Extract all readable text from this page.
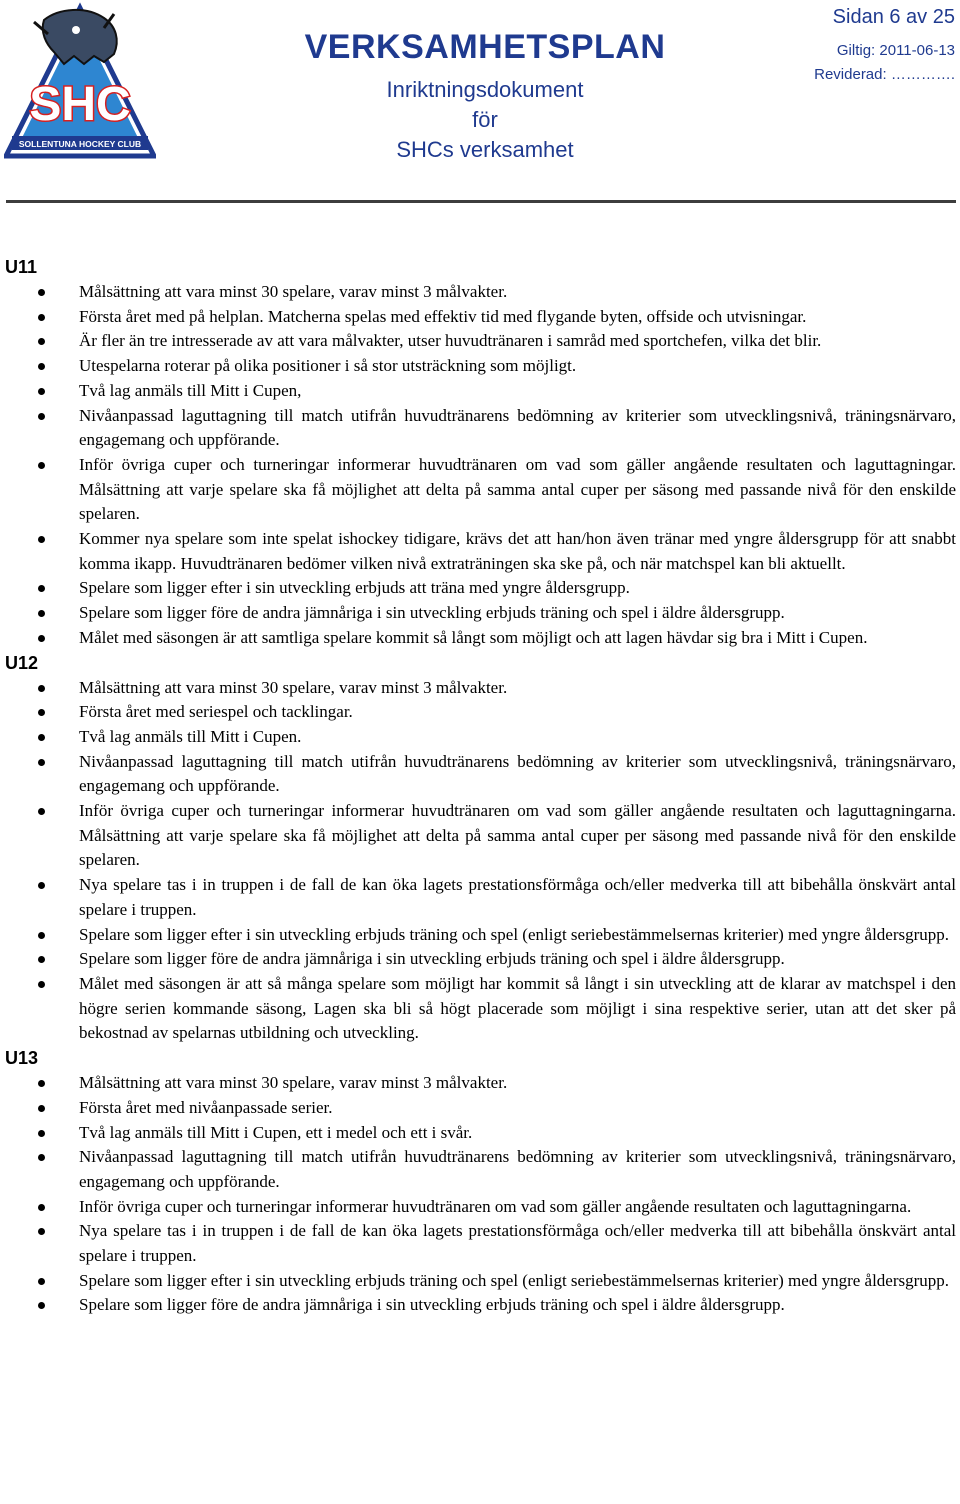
SHC
SOLLENTUNA HOCKEY CLUB
VERKSAMHETSPLAN
Inriktningsdokument
för
SHCs verksamhet
Sidan 6 av 25
Giltig: 2011-06-13
Reviderad: ………….
U11
Målsättning att vara minst 30 spelare, varav minst 3 målvakter.
Första året med på helplan. Matcherna spelas med effektiv tid med flygande byten, offside och utvisningar.
Är fler än tre intresserade av att vara målvakter, utser huvudtränaren i samråd med sportchefen, vilka det blir.
Utespelarna roterar på olika positioner i så stor utsträckning som möjligt.
Två lag anmäls till Mitt i Cupen,
Nivåanpassad laguttagning till match utifrån huvudtränarens bedömning av kriterier som utvecklingsnivå, träningsnärvaro, engagemang och uppförande.
Inför övriga cuper och turneringar informerar huvudtränaren om vad som gäller angående resultaten och laguttagningar. Målsättning att varje spelare ska få möjlighet att delta på samma antal cuper per säsong med passande nivå för den enskilde spelaren.
Kommer nya spelare som inte spelat ishockey tidigare, krävs det att han/hon även tränar med yngre åldersgrupp för att snabbt komma ikapp. Huvudtränaren bedömer vilken nivå extraträningen ska ske på, och när matchspel kan bli aktuellt.
Spelare som ligger efter i sin utveckling erbjuds att träna med yngre åldersgrupp.
Spelare som ligger före de andra jämnåriga i sin utveckling erbjuds träning och spel i äldre åldersgrupp.
Målet med säsongen är att samtliga spelare kommit så långt som möjligt och att lagen hävdar sig bra i Mitt i Cupen.
U12
Målsättning att vara minst 30 spelare, varav minst 3 målvakter.
Första året med seriespel och tacklingar.
Två lag anmäls till Mitt i Cupen.
Nivåanpassad laguttagning till match utifrån huvudtränarens bedömning av kriterier som utvecklingsnivå, träningsnärvaro, engagemang och uppförande.
Inför övriga cuper och turneringar informerar huvudtränaren om vad som gäller angående resultaten och laguttagningarna. Målsättning att varje spelare ska få möjlighet att delta på samma antal cuper per säsong med passande nivå för den enskilde spelaren.
Nya spelare tas i in truppen i de fall de kan öka lagets prestationsförmåga och/eller medverka till att bibehålla önskvärt antal spelare i truppen.
Spelare som ligger efter i sin utveckling erbjuds träning och spel (enligt seriebestämmelsernas kriterier) med yngre åldersgrupp.
Spelare som ligger före de andra jämnåriga i sin utveckling erbjuds träning och spel i äldre åldersgrupp.
Målet med säsongen är att så många spelare som möjligt har kommit så långt i sin utveckling att de klarar av matchspel i den högre serien kommande säsong, Lagen ska bli så högt placerade som möjligt i sina respektive serier, utan att det sker på bekostnad av spelarnas utbildning och utveckling.
U13
Målsättning att vara minst 30 spelare, varav minst 3 målvakter.
Första året med nivåanpassade serier.
Två lag anmäls till Mitt i Cupen, ett i medel och ett i svår.
Nivåanpassad laguttagning till match utifrån huvudtränarens bedömning av kriterier som utvecklingsnivå, träningsnärvaro, engagemang och uppförande.
Inför övriga cuper och turneringar informerar huvudtränaren om vad som gäller angående resultaten och laguttagningarna.
Nya spelare tas i in truppen i de fall de kan öka lagets prestationsförmåga och/eller medverka till att bibehålla önskvärt antal spelare i truppen.
Spelare som ligger efter i sin utveckling erbjuds träning och spel (enligt seriebestämmelsernas kriterier) med yngre åldersgrupp.
Spelare som ligger före de andra jämnåriga i sin utveckling erbjuds träning och spel i äldre åldersgrupp.
